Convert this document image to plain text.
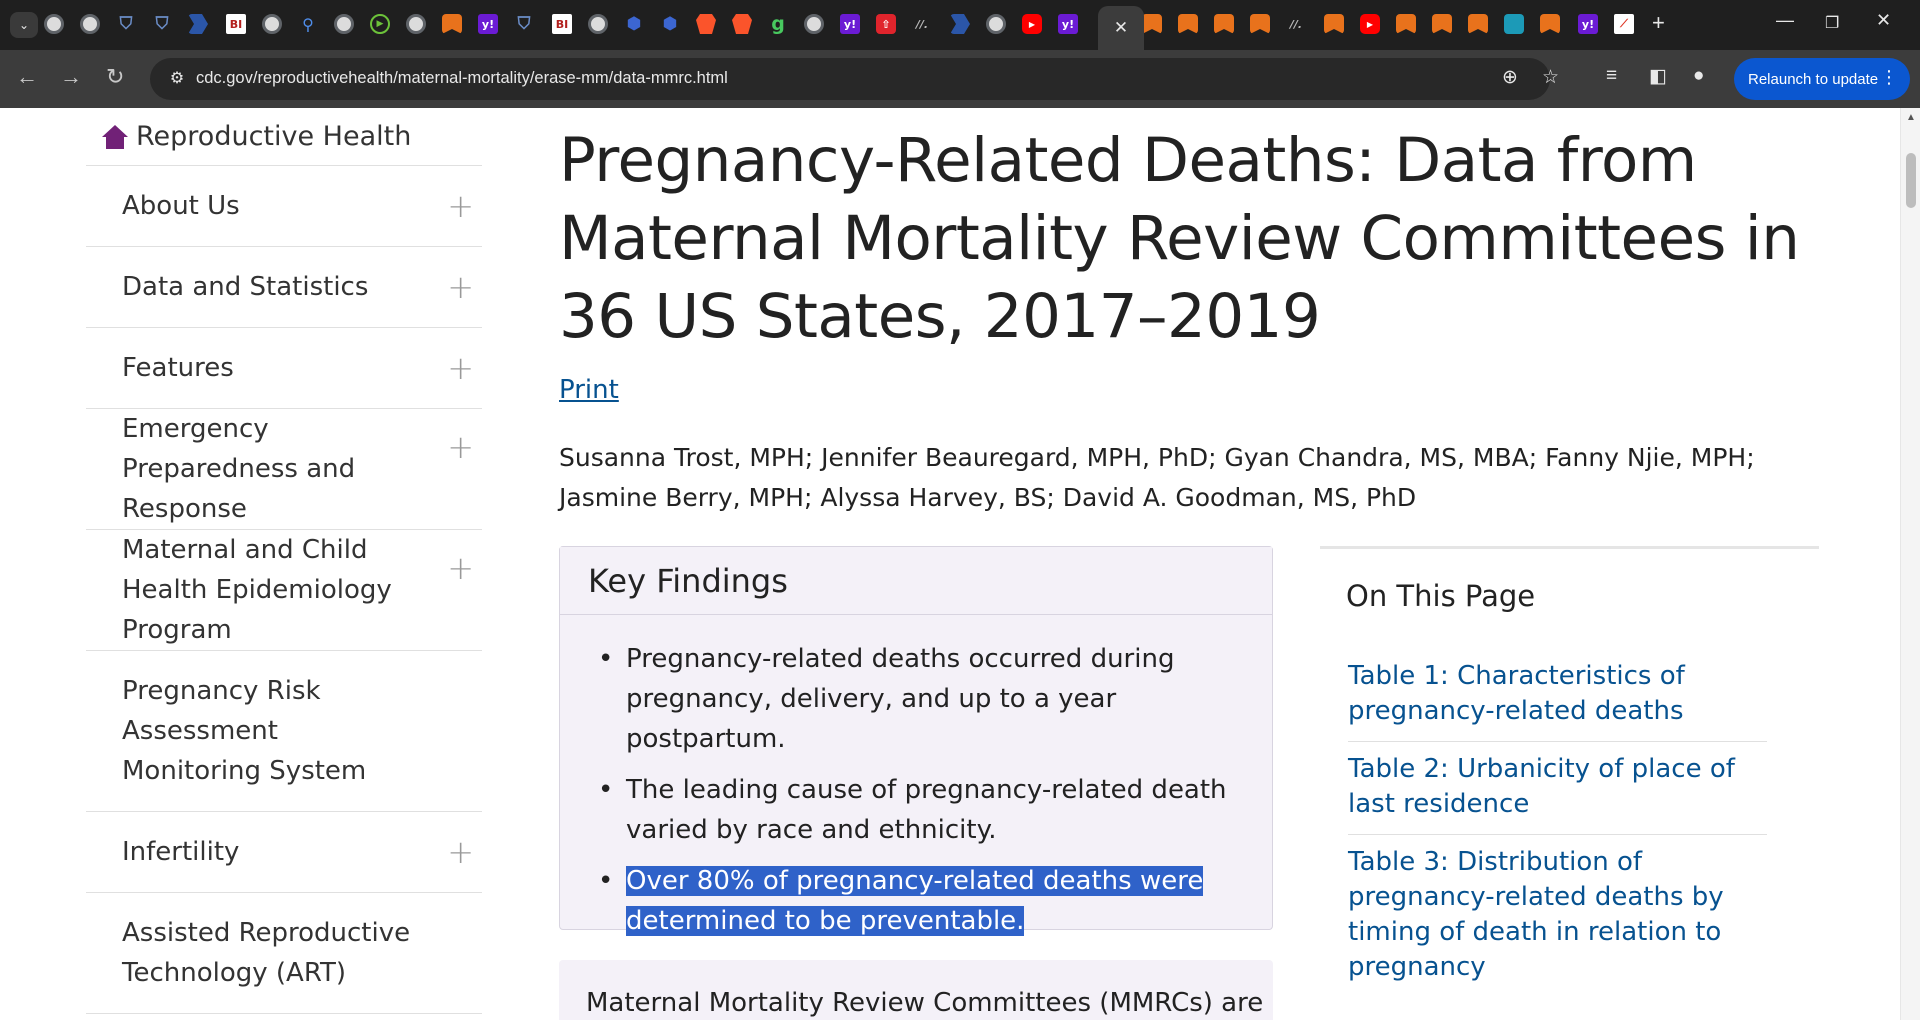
⌄	⛉ ⛉	BI	⚲	▶	y! ⛉	BI	⬢ ⬢	g	y!	⇧	//.	▶	y!	//.	▶	y!	⟋
✕	+	— ❐ ✕
← → ↻	⚙ cdc.gov/reproductivehealth/maternal-mortality/erase-mm/data-mmrc.html	⊕ ☆ ≡ ◧ ●	Relaunch to update ⋮
Reproductive Health
About Us	+
Data and Statistics +
Features	+
Emergency Preparedness and Response
+
Maternal and Child Health Epidemiology Program
+
Pregnancy Risk Assessment Monitoring System
Infertility	+
Assisted Reproductive Technology (ART)
Pregnancy-Related Deaths: Data from Maternal Mortality Review Committees in 36 US States, 2017–2019
Print

Susanna Trost, MPH; Jennifer Beauregard, MPH, PhD; Gyan Chandra, MS, MBA; Fanny Njie, MPH; Jasmine Berry, MPH; Alyssa Harvey, BS; David A. Goodman, MS, PhD

Key Findings
• Pregnancy-related deaths occurred during pregnancy, delivery, and up to a year postpartum.
• The leading cause of pregnancy-related death varied by race and ethnicity.
• Over 80% of pregnancy-related deaths were determined to be preventable.
Maternal Mortality Review Committees (MMRCs) are
On This Page
Table 1: Characteristics of pregnancy-related deaths
Table 2: Urbanicity of place of last residence
Table 3: Distribution of pregnancy-related deaths by timing of death in relation to pregnancy
▲
